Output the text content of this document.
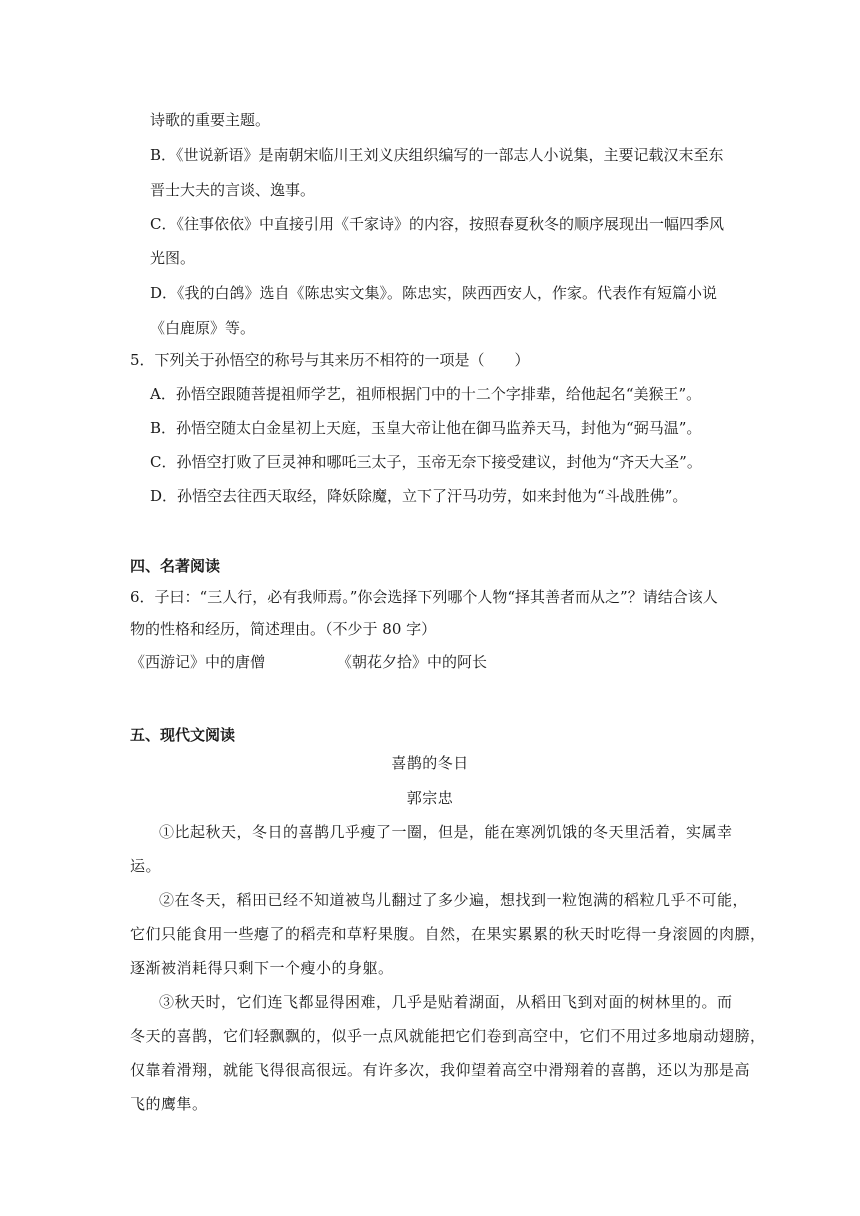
诗歌的重要主题。
B．《世说新语》是南朝宋临川王刘义庆组织编写的一部志人小说集，主要记载汉末至东
晋士大夫的言谈、逸事。
C．《往事依依》中直接引用《千家诗》的内容，按照春夏秋冬的顺序展现出一幅四季风
光图。
D．《我的白鸽》选自《陈忠实文集》。陈忠实，陕西西安人，作家。代表作有短篇小说
《白鹿原》等。
5．下列关于孙悟空的称号与其来历不相符的一项是（　　）
A．孙悟空跟随菩提祖师学艺，祖师根据门中的十二个字排辈，给他起名“美猴王”。
B．孙悟空随太白金星初上天庭，玉皇大帝让他在御马监养天马，封他为“弼马温”。
C．孙悟空打败了巨灵神和哪吒三太子，玉帝无奈下接受建议，封他为“齐天大圣”。
D．孙悟空去往西天取经，降妖除魔，立下了汗马功劳，如来封他为“斗战胜佛”。
四、名著阅读
6．子曰：“三人行，必有我师焉。”你会选择下列哪个人物“择其善者而从之”？请结合该人
物的性格和经历，简述理由。（不少于 80 字）
《西游记》中的唐僧	《朝花夕拾》中的阿长
五、现代文阅读
喜鹊的冬日
郭宗忠
①比起秋天，冬日的喜鹊几乎瘦了一圈，但是，能在寒冽饥饿的冬天里活着，实属幸
运。
②在冬天，稻田已经不知道被鸟儿翻过了多少遍，想找到一粒饱满的稻粒几乎不可能，
它们只能食用一些瘪了的稻壳和草籽果腹。自然，在果实累累的秋天时吃得一身滚圆的肉膘，
逐渐被消耗得只剩下一个瘦小的身躯。
③秋天时，它们连飞都显得困难，几乎是贴着湖面，从稻田飞到对面的树林里的。而
冬天的喜鹊，它们轻飘飘的，似乎一点风就能把它们卷到高空中，它们不用过多地扇动翅膀，
仅靠着滑翔，就能飞得很高很远。有许多次，我仰望着高空中滑翔着的喜鹊，还以为那是高
飞的鹰隼。
